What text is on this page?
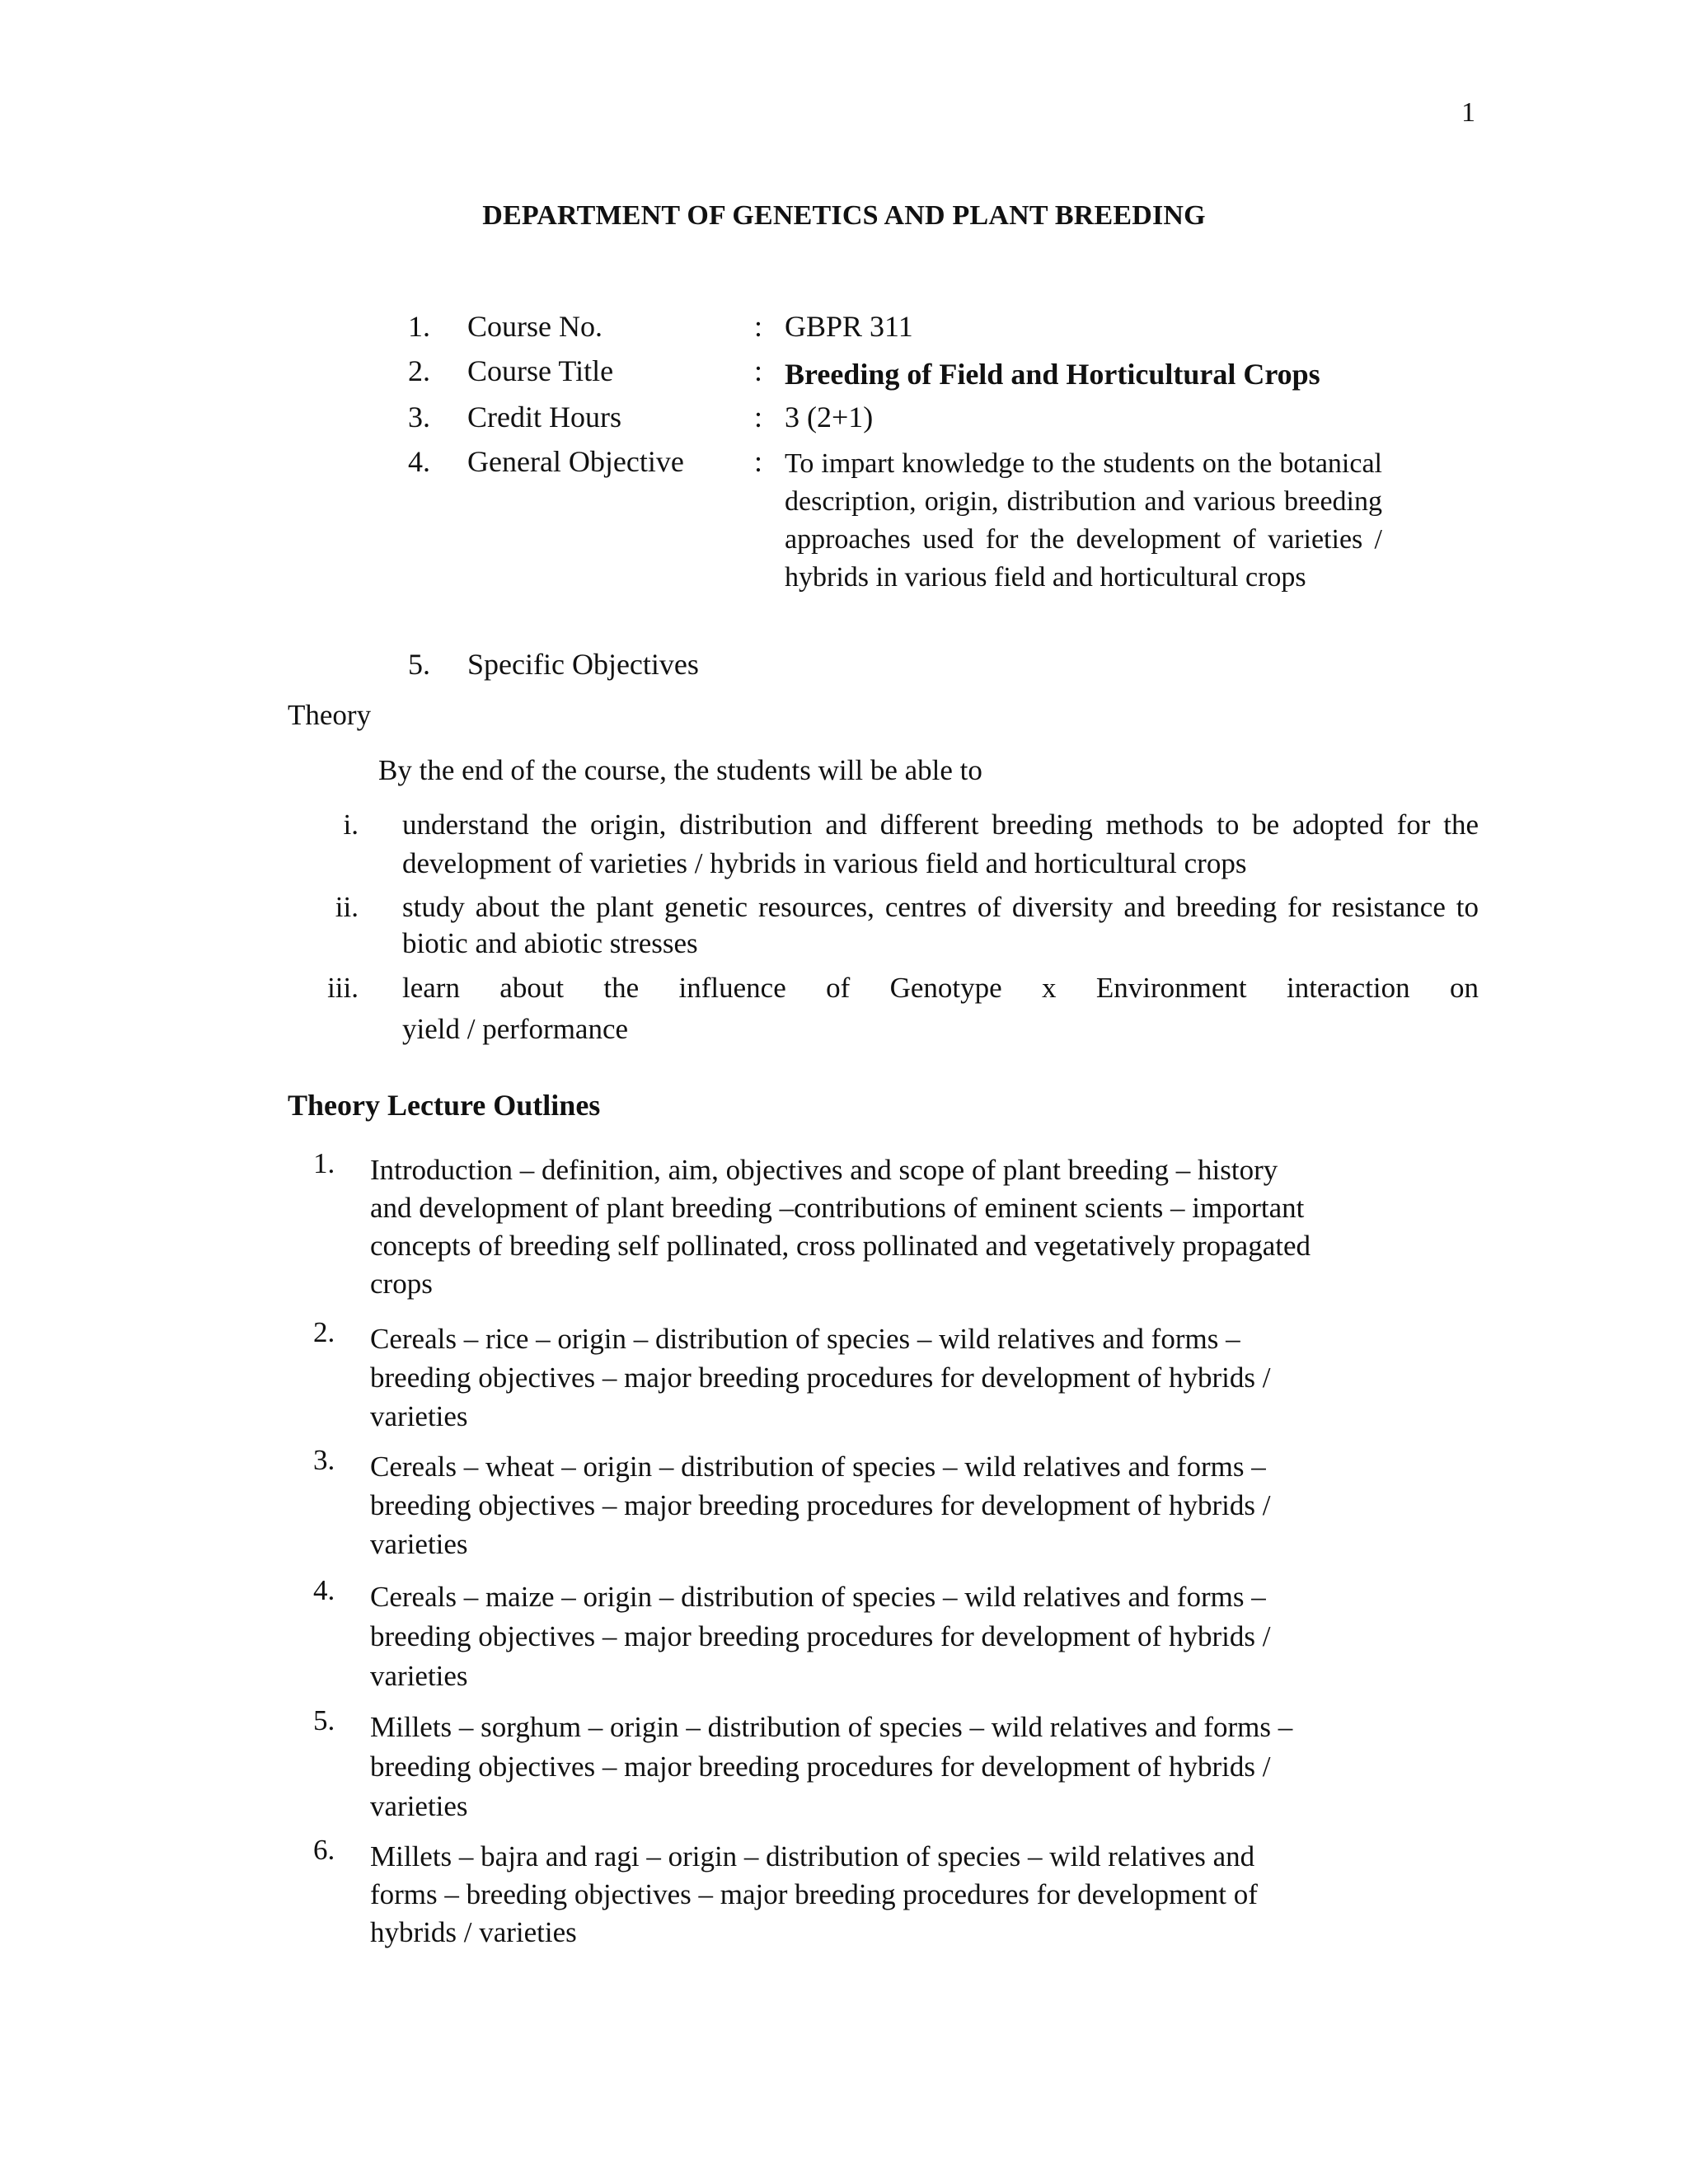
1
DEPARTMENT OF GENETICS AND PLANT BREEDING
1. Course No.	: GBPR 311
2. Course Title	: Breeding of Field and Horticultural Crops
3. Credit Hours	: 3 (2+1)
4. General Objective : To impart knowledge to the students on the botanical description, origin, distribution and various breeding approaches used for the development of varieties / hybrids in various field and horticultural crops
5. Specific Objectives
Theory
By the end of the course, the students will be able to
i. understand the origin, distribution and different breeding methods to be adopted for the development of varieties / hybrids in various field and horticultural crops
ii. study about the plant genetic resources, centres of diversity and breeding for resistance to biotic and abiotic stresses
iii. learn about the influence of Genotype x Environment interaction on
yield / performance
Theory Lecture Outlines
1. Introduction – definition, aim, objectives and scope of plant breeding – history
and development of plant breeding –contributions of eminent scients – important
concepts of breeding self pollinated, cross pollinated and vegetatively propagated
crops
2. Cereals – rice – origin – distribution of species – wild relatives and forms –
breeding objectives – major breeding procedures for development of hybrids /
varieties
3. Cereals – wheat – origin – distribution of species – wild relatives and forms –
breeding objectives – major breeding procedures for development of hybrids /
varieties
4. Cereals – maize – origin – distribution of species – wild relatives and forms –
breeding objectives – major breeding procedures for development of hybrids /
varieties
5. Millets – sorghum – origin – distribution of species – wild relatives and forms –
breeding objectives – major breeding procedures for development of hybrids /
varieties
6. Millets – bajra and ragi – origin – distribution of species – wild relatives and
forms – breeding objectives – major breeding procedures for development of
hybrids / varieties
